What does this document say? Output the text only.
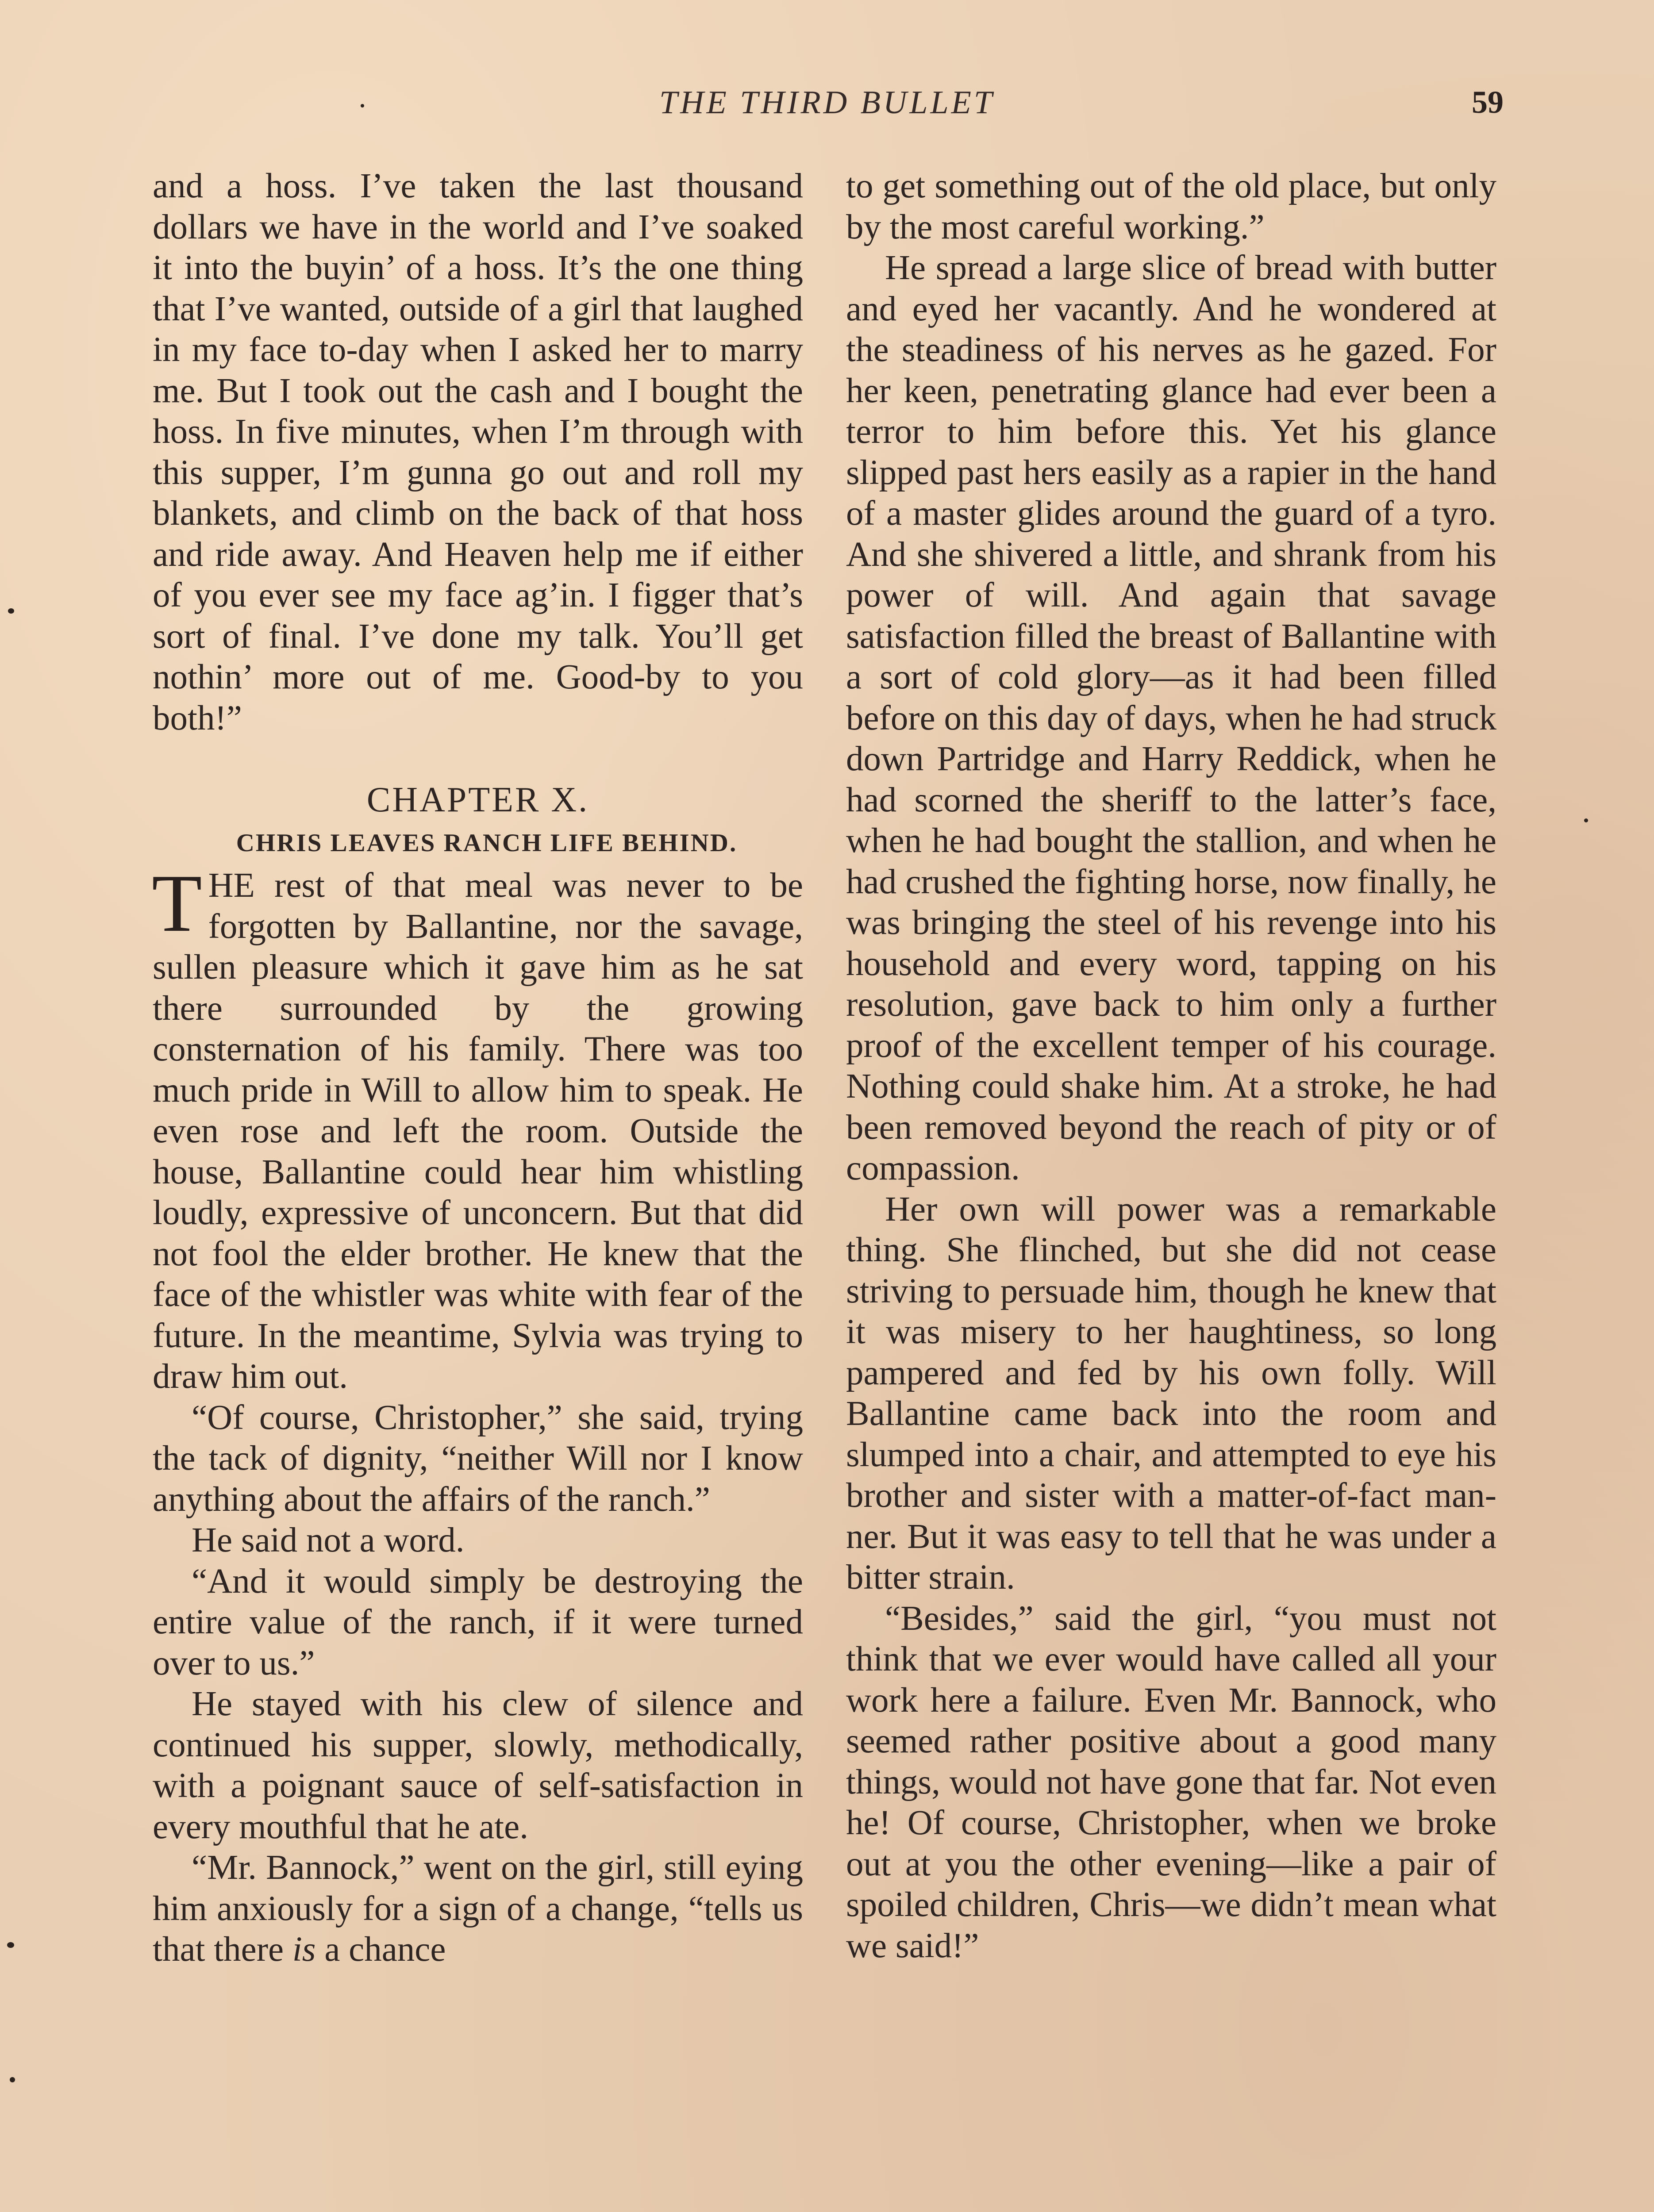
THE THIRD BULLET	59

and a hoss. I’ve taken the last thousand dollars we have in the world and I’ve soaked it into the buyin’ of a hoss. It’s the one thing that I’ve wanted, outside of a girl that laughed in my face to-day when I asked her to marry me. But I took out the cash and I bought the hoss. In five minutes, when I’m through with this supper, I’m gunna go out and roll my blankets, and climb on the back of that hoss and ride away. And Heaven help me if either of you ever see my face ag’in. I figger that’s sort of final. I’ve done my talk. You’ll get nothin’ more out of me. Good-by to you both!”

CHAPTER X.
CHRIS LEAVES RANCH LIFE BEHIND.

THE rest of that meal was never to be forgotten by Ballantine, nor the savage, sullen pleasure which it gave him as he sat there surrounded by the growing consternation of his family. There was too much pride in Will to allow him to speak. He even rose and left the room. Outside the house, Ballantine could hear him whistling loudly, expressive of unconcern. But that did not fool the elder brother. He knew that the face of the whistler was white with fear of the future. In the meantime, Sylvia was trying to draw him out.

“Of course, Christopher,” she said, trying the tack of dignity, “neither Will nor I know anything about the affairs of the ranch.”

He said not a word.

“And it would simply be destroying the entire value of the ranch, if it were turned over to us.”

He stayed with his clew of silence and continued his supper, slowly, methodically, with a poignant sauce of self-satisfaction in every mouthful that he ate.

“Mr. Bannock,” went on the girl, still eying him anxiously for a sign of a change, “tells us that there is a chance

to get something out of the old place, but only by the most careful working.”

He spread a large slice of bread with butter and eyed her vacantly. And he wondered at the steadiness of his nerves as he gazed. For her keen, penetrating glance had ever been a terror to him before this. Yet his glance slipped past hers easily as a rapier in the hand of a master glides around the guard of a tyro. And she shivered a little, and shrank from his power of will. And again that savage satisfaction filled the breast of Ballantine with a sort of cold glory—as it had been filled before on this day of days, when he had struck down Partridge and Harry Reddick, when he had scorned the sheriff to the latter’s face, when he had bought the stallion, and when he had crushed the fighting horse, now finally, he was bringing the steel of his revenge into his household and every word, tapping on his resolution, gave back to him only a further proof of the excellent temper of his courage. Nothing could shake him. At a stroke, he had been removed beyond the reach of pity or of compassion.

Her own will power was a remarkable thing. She flinched, but she did not cease striving to persuade him, though he knew that it was misery to her haughtiness, so long pampered and fed by his own folly. Will Ballantine came back into the room and slumped into a chair, and attempted to eye his brother and sister with a matter-of-fact manner. But it was easy to tell that he was under a bitter strain.

“Besides,” said the girl, “you must not think that we ever would have called all your work here a failure. Even Mr. Bannock, who seemed rather positive about a good many things, would not have gone that far. Not even he! Of course, Christopher, when we broke out at you the other evening—like a pair of spoiled children, Chris—we didn’t mean what we said!”
